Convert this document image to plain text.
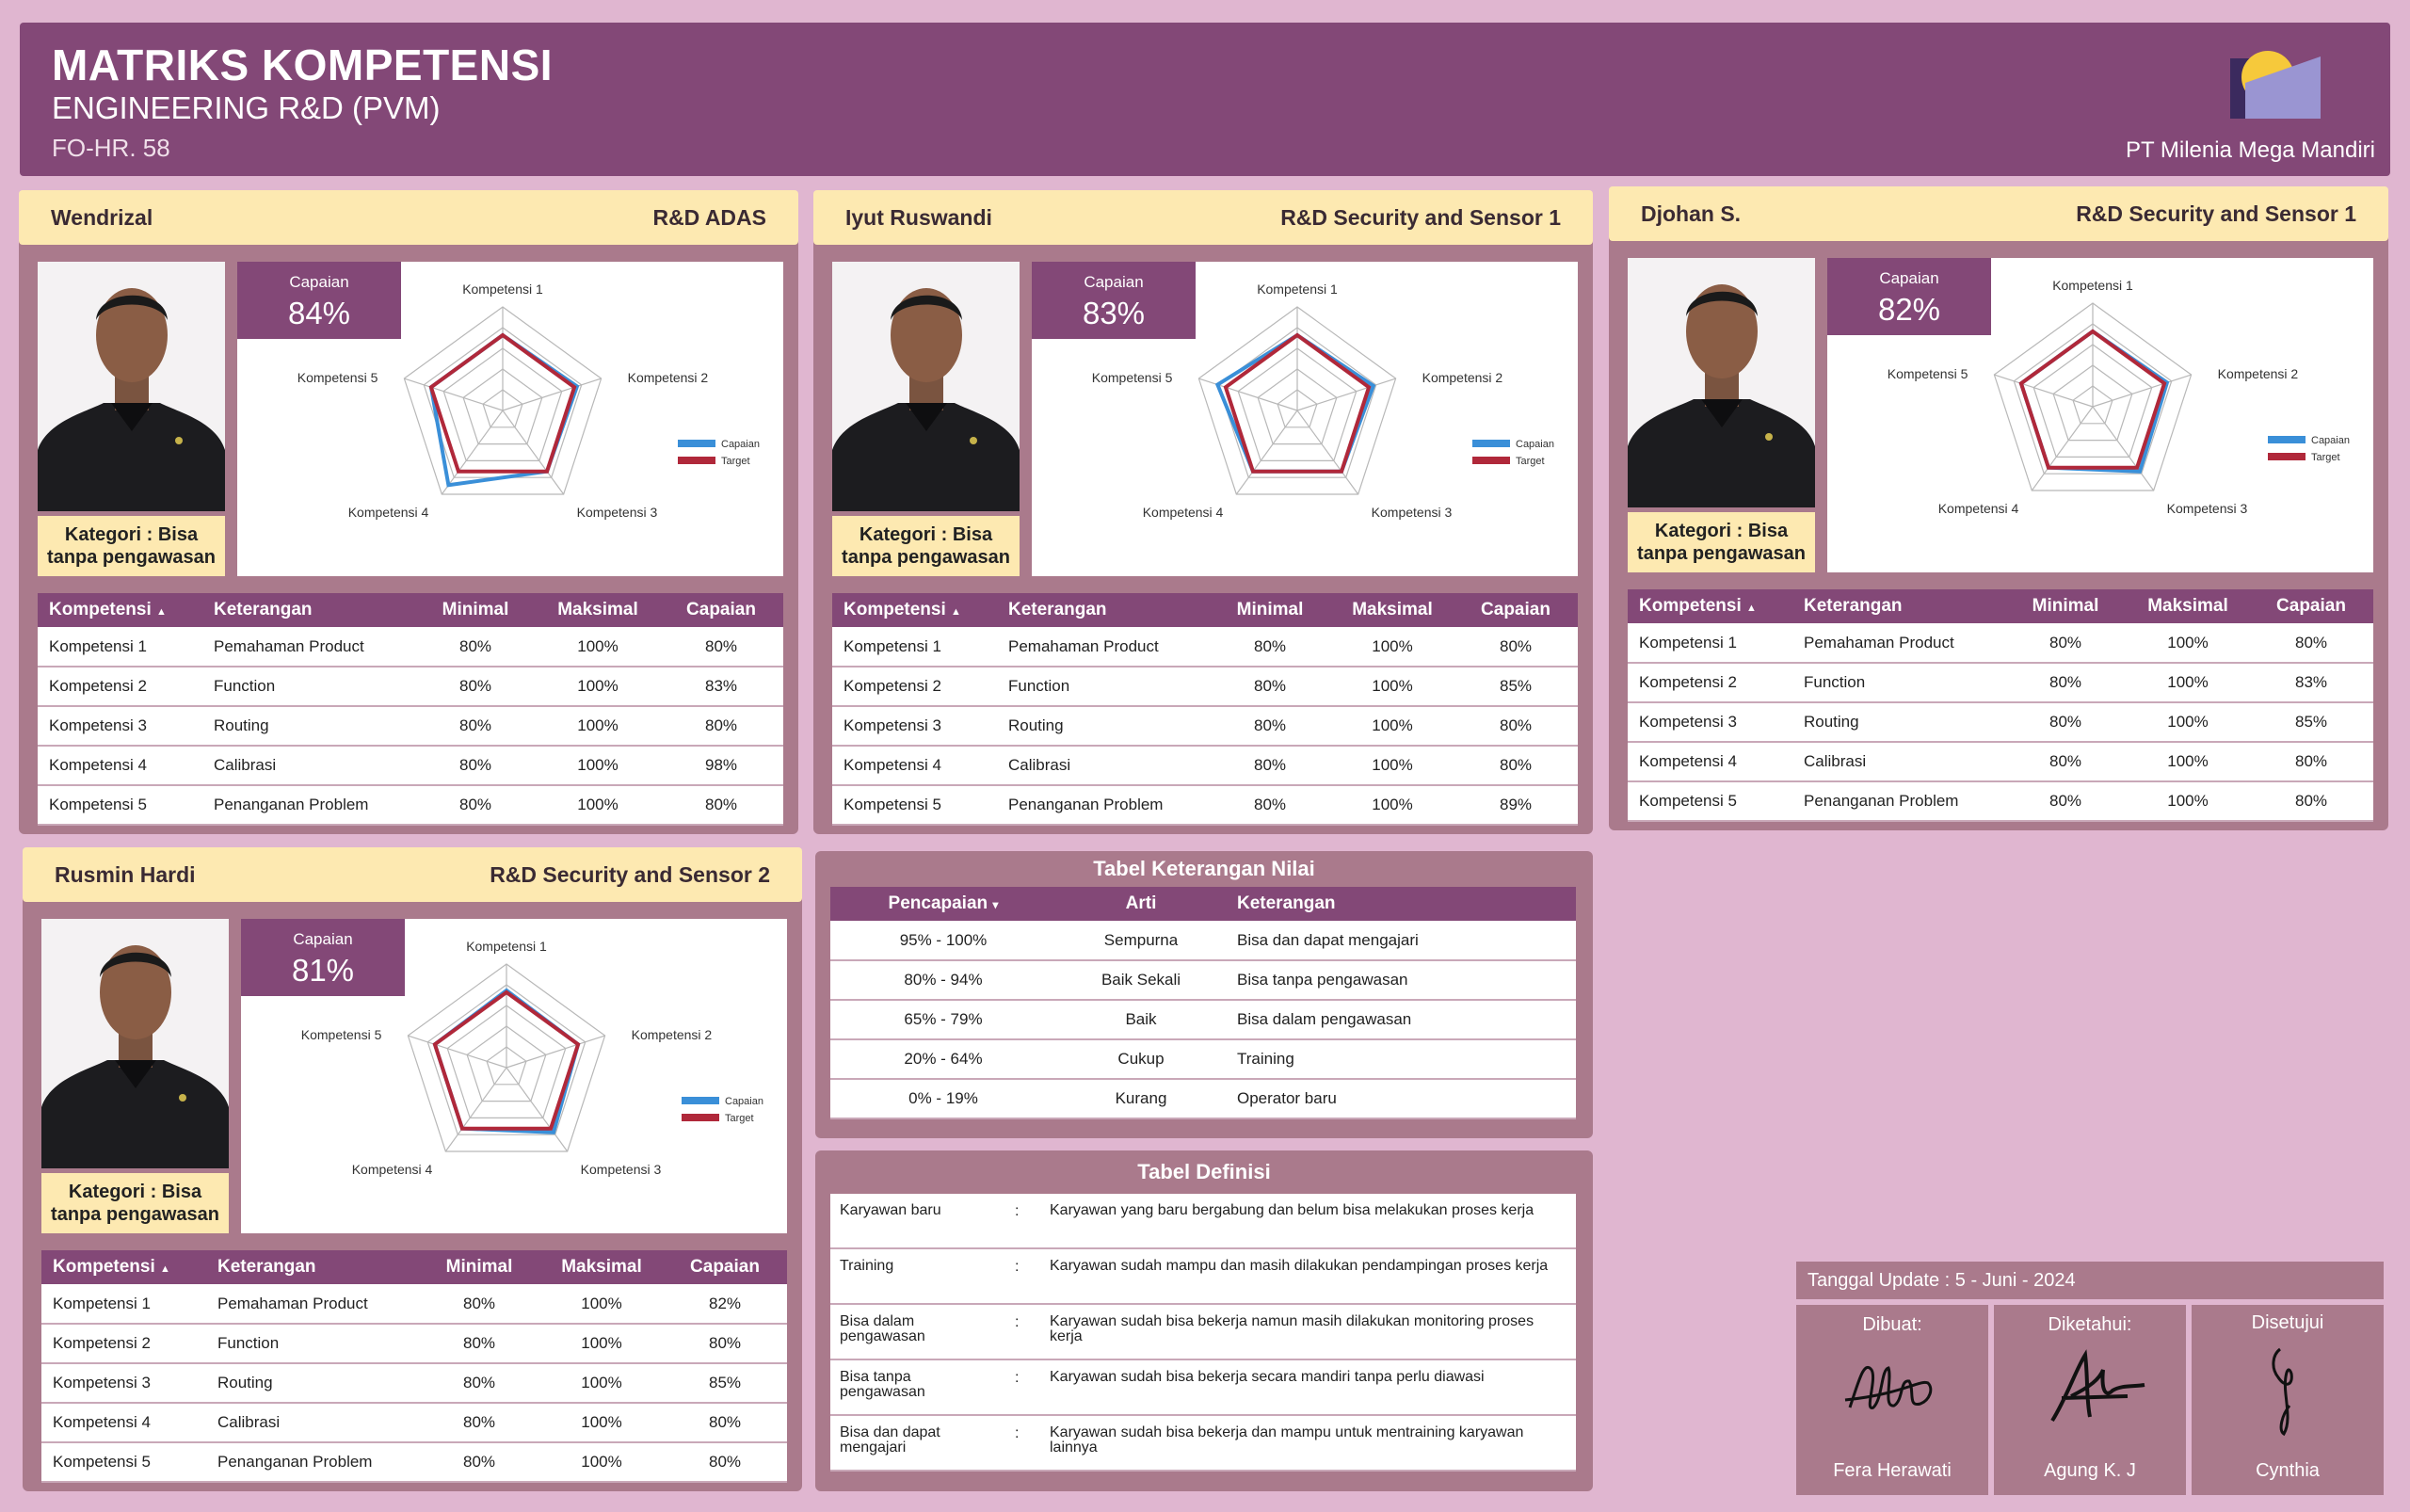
MATRIKS KOMPETENSI
ENGINEERING R&D (PVM)
FO-HR. 58	PT Milenia Mega Mandiri
Wendrizal	R&D ADAS
Kategori : Bisa tanpa pengawasan
Capaian
84%
Kompetensi 1
Kompetensi 2
Kompetensi 3
Kompetensi 4
Kompetensi 5
Capaian
Target
Kompetensi ▲	Keterangan	Minimal	Maksimal	Capaian
Kompetensi 1	Pemahaman Product	80%	100%	80%
Kompetensi 2	Function	80%	100%	83%
Kompetensi 3	Routing	80%	100%	80%
Kompetensi 4	Calibrasi	80%	100%	98%
Kompetensi 5	Penanganan Problem	80%	100%	80%
Iyut Ruswandi	R&D Security and Sensor 1
Kategori : Bisa tanpa pengawasan
Capaian
83%
Kompetensi 1
Kompetensi 2
Kompetensi 3
Kompetensi 4
Kompetensi 5
Capaian
Target
Kompetensi ▲	Keterangan	Minimal	Maksimal	Capaian
Kompetensi 1	Pemahaman Product	80%	100%	80%
Kompetensi 2	Function	80%	100%	85%
Kompetensi 3	Routing	80%	100%	80%
Kompetensi 4	Calibrasi	80%	100%	80%
Kompetensi 5	Penanganan Problem	80%	100%	89%
Djohan S.	R&D Security and Sensor 1
Kategori : Bisa tanpa pengawasan
Capaian
82%
Kompetensi 1
Kompetensi 2
Kompetensi 3
Kompetensi 4
Kompetensi 5
Capaian
Target
Kompetensi ▲	Keterangan	Minimal	Maksimal	Capaian
Kompetensi 1	Pemahaman Product	80%	100%	80%
Kompetensi 2	Function	80%	100%	83%
Kompetensi 3	Routing	80%	100%	85%
Kompetensi 4	Calibrasi	80%	100%	80%
Kompetensi 5	Penanganan Problem	80%	100%	80%
Rusmin Hardi	R&D Security and Sensor 2
Kategori : Bisa tanpa pengawasan
Capaian
81%
Kompetensi 1
Kompetensi 2
Kompetensi 3
Kompetensi 4
Kompetensi 5
Capaian
Target
Kompetensi ▲	Keterangan	Minimal	Maksimal	Capaian
Kompetensi 1	Pemahaman Product	80%	100%	82%
Kompetensi 2	Function	80%	100%	80%
Kompetensi 3	Routing	80%	100%	85%
Kompetensi 4	Calibrasi	80%	100%	80%
Kompetensi 5	Penanganan Problem	80%	100%	80%
Tabel Keterangan Nilai
Pencapaian ▾	Arti	Keterangan
95% - 100%	Sempurna	Bisa dan dapat mengajari
80% - 94%	Baik Sekali	Bisa tanpa pengawasan
65% - 79%	Baik	Bisa dalam pengawasan
20% - 64%	Cukup	Training
0% - 19%	Kurang	Operator baru
Tabel Definisi
Karyawan baru	: Karyawan yang baru bergabung dan belum bisa melakukan proses kerja
Training	: Karyawan sudah mampu dan masih dilakukan pendampingan proses kerja
Bisa dalam pengawasan
: Karyawan sudah bisa bekerja namun masih dilakukan monitoring proses kerja
Bisa tanpa pengawasan
: Karyawan sudah bisa bekerja secara mandiri tanpa perlu diawasi
Bisa dan dapat mengajari
: Karyawan sudah bisa bekerja dan mampu untuk mentraining karyawan lainnya
Tanggal Update : 5 - Juni - 2024
Dibuat:
Fera Herawati
Diketahui:
Agung K. J
Disetujui
Cynthia
